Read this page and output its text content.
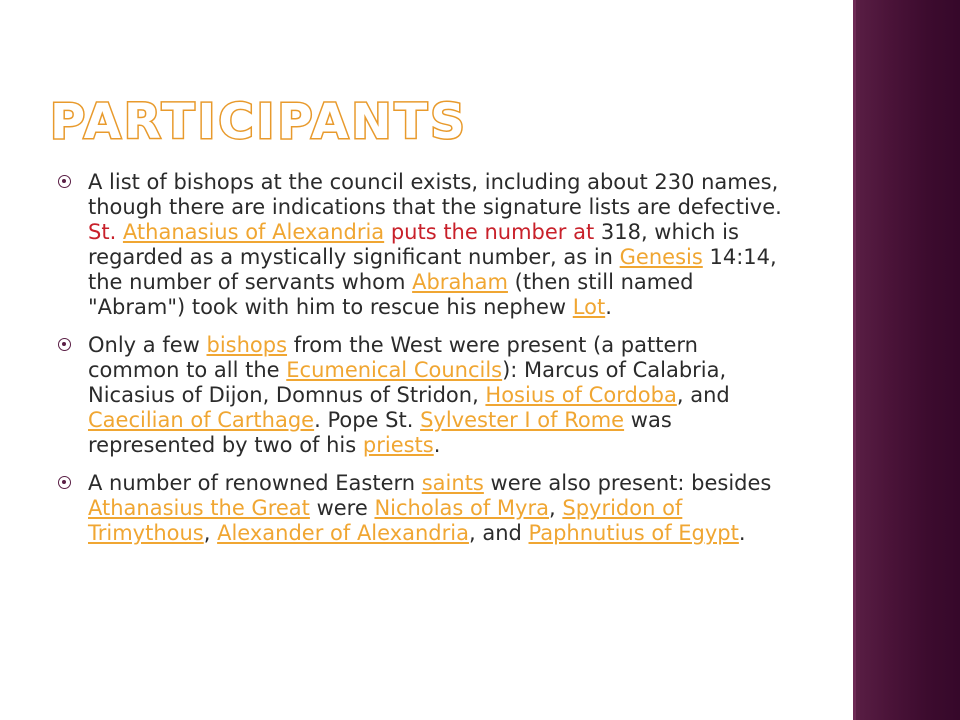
PARTICIPANTS

A list of bishops at the council exists, including about 230 names, though there are indications that the signature lists are defective. St. Athanasius of Alexandria puts the number at 318, which is regarded as a mystically significant number, as in Genesis 14:14, the number of servants whom Abraham (then still named "Abram") took with him to rescue his nephew Lot.

Only a few bishops from the West were present (a pattern common to all the Ecumenical Councils): Marcus of Calabria, Nicasius of Dijon, Domnus of Stridon, Hosius of Cordoba, and Caecilian of Carthage. Pope St. Sylvester I of Rome was represented by two of his priests.

A number of renowned Eastern saints were also present: besides Athanasius the Great were Nicholas of Myra, Spyridon of Trimythous, Alexander of Alexandria, and Paphnutius of Egypt.
